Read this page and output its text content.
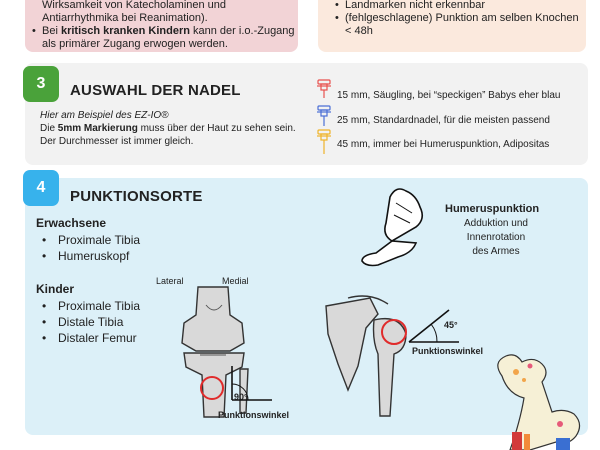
Wirksamkeit von Katecholaminen und
Antiarrhythmika bei Reanimation).
• Bei kritisch kranken Kindern kann der i.o.-Zugang
als primärer Zugang erwogen werden.
• Landmarken nicht erkennbar
• (fehlgeschlagene) Punktion am selben Knochen
< 48h
3	AUSWAHL DER NADEL
Hier am Beispiel des EZ-IO®
Die 5mm Markierung muss über der Haut zu sehen sein.
Der Durchmesser ist immer gleich.
15 mm, Säugling, bei “speckigen” Babys eher blau
25 mm, Standardnadel, für die meisten passend
45 mm, immer bei Humeruspunktion, Adipositas
4
PUNKTIONSORTE
Erwachsene
• Proximale Tibia
• Humeruskopf
Kinder
• Proximale Tibia
• Distale Tibia
• Distaler Femur
Lateral	Medial
90°
Punktionswinkel
45°
Punktionswinkel
Humeruspunktion
Adduktion und
Innenrotation
des Armes
